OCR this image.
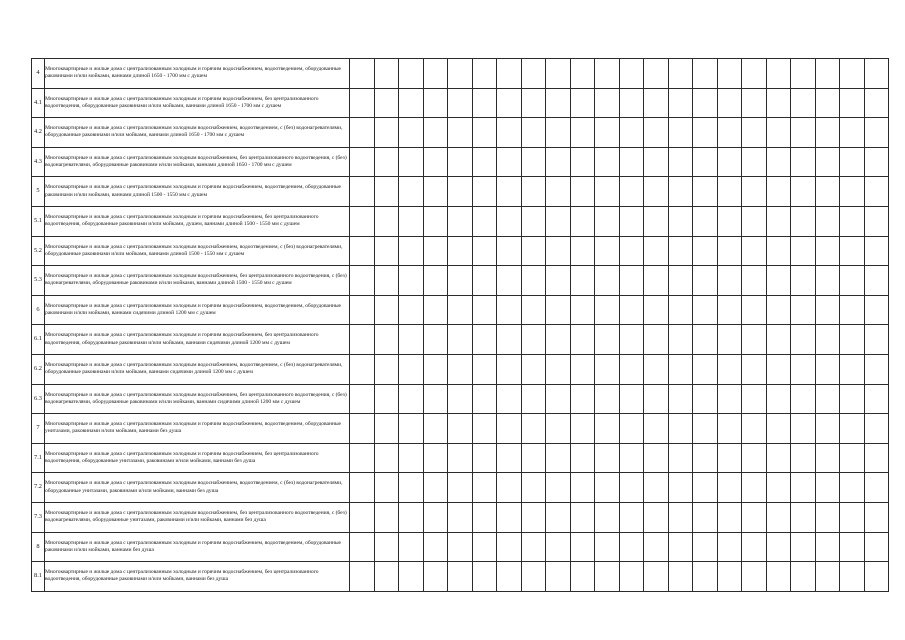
4	Многоквартирные и жилые дома с централизованным холодным и горячим водоснабжением, водоотведением, оборудованные раковинами и/или мойками, ваннами длиной 1650 - 1700 мм с душем																						
4.1	Многоквартирные и жилые дома с централизованным холодным и горячим водоснабжением, без централизованного водоотведения, оборудованные раковинами и/или мойками, ваннами длиной 1650 - 1700 мм с душем																						
4.2	Многоквартирные и жилые дома с централизованным холодным водоснабжением, водоотведением, с (без) водонагревателями, оборудованные раковинами и/или мойками, ваннами длиной 1650 - 1700 мм с душем																						
4.3	Многоквартирные и жилые дома с централизованным холодным водоснабжением, без централизованного водоотведения, с (без) водонагревателями, оборудованные раковинами и/или мойками, ваннами длиной 1650 - 1700 мм с душем																						
5	Многоквартирные и жилые дома с централизованным холодным и горячим водоснабжением, водоотведением, оборудованные раковинами и/или мойками, ваннами длиной 1500 - 1550 мм с душем																						
5.1	Многоквартирные и жилые дома с централизованным холодным и горячим водоснабжением, без централизованного водоотведения, оборудованные раковинами и/или мойками, душем, ваннами длиной 1500 - 1550 мм с душем																						
5.2	Многоквартирные и жилые дома с централизованным холодным водоснабжением, водоотведением, с (без) водонагревателями, оборудованные раковинами и/или мойками, ваннами длиной 1500 - 1550 мм с душем																						
5.3	Многоквартирные и жилые дома с централизованным холодным водоснабжением, без централизованного водоотведения, с (без) водонагревателями, оборудованные раковинами и/или мойками, ваннами длиной 1500 - 1550 мм с душем																						
6	Многоквартирные и жилые дома с централизованным холодным и горячим водоснабжением, водоотведением, оборудованные раковинами и/или мойками, ваннами сидячими длиной 1200 мм с душем																						
6.1	Многоквартирные и жилые дома с централизованным холодным и горячим водоснабжением, без централизованного водоотведения, оборудованные раковинами и/или мойками, ваннами сидячими длиной 1200 мм с душем																						
6.2	Многоквартирные и жилые дома с централизованным холодным водоснабжением, водоотведением, с (без) водонагревателями, оборудованные раковинами и/или мойками, ваннами сидячими длиной 1200 мм с душем																						
6.3	Многоквартирные и жилые дома с централизованным холодным водоснабжением, без централизованного водоотведения, с (без) водонагревателями, оборудованные раковинами и/или мойками, ваннами сидячими длиной 1200 мм с душем																						
7	Многоквартирные и жилые дома с централизованным холодным и горячим водоснабжением, водоотведением, оборудованные унитазами, раковинами и/или мойками, ваннами без душа																						
7.1	Многоквартирные и жилые дома с централизованным холодным и горячим водоснабжением, без централизованного водоотведения, оборудованные унитазами, раковинами и/или мойками, ваннами без душа																						
7.2	Многоквартирные и жилые дома с централизованным холодным водоснабжением, водоотведением, с (без) водонагревателями, оборудованные унитазами, раковинами и/или мойками, ваннами без душа																						
7.3	Многоквартирные и жилые дома с централизованным холодным водоснабжением, без централизованного водоотведения, с (без) водонагревателями, оборудованные унитазами, раковинами и/или мойками, ваннами без душа																						
8	Многоквартирные и жилые дома с централизованным холодным и горячим водоснабжением, водоотведением, оборудованные раковинами и/или мойками, ваннами без душа																						
8.1	Многоквартирные и жилые дома с централизованным холодным и горячим водоснабжением, без централизованного водоотведения, оборудованные раковинами и/или мойками, ваннами без душа																						
